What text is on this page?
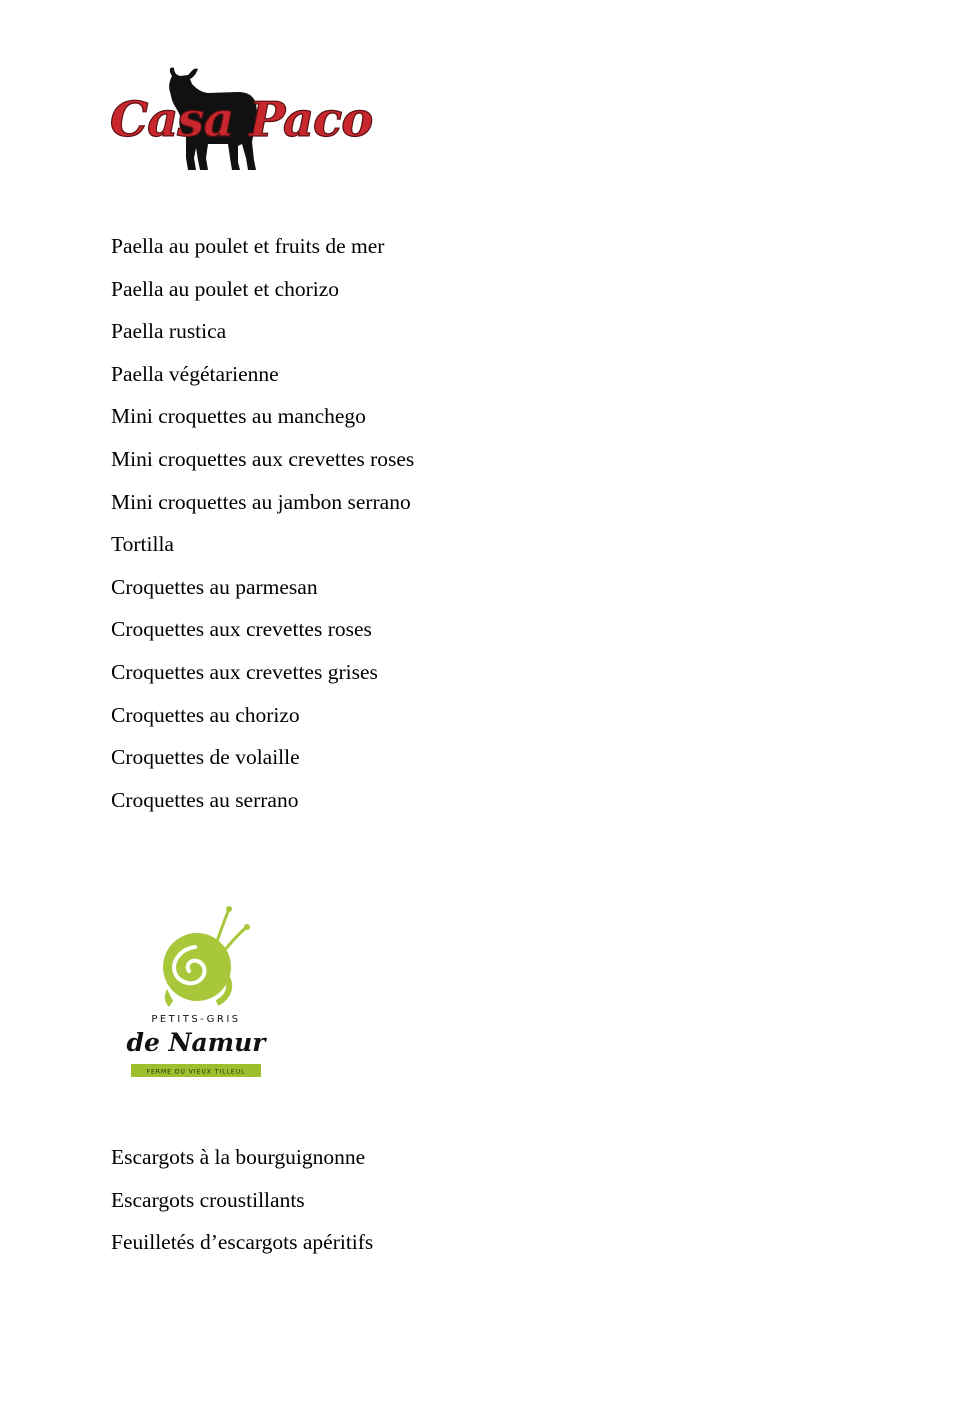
Casa Paco
Paella au poulet et fruits de mer
Paella au poulet et chorizo
Paella rustica
Paella végétarienne
Mini croquettes au manchego
Mini croquettes aux crevettes roses
Mini croquettes au jambon serrano
Tortilla
Croquettes au parmesan
Croquettes aux crevettes roses
Croquettes aux crevettes grises
Croquettes au chorizo
Croquettes de volaille
Croquettes au serrano
PETITS-GRIS
de Namur
FERME DU VIEUX TILLEUL
Escargots à la bourguignonne
Escargots croustillants
Feuilletés d’escargots apéritifs
